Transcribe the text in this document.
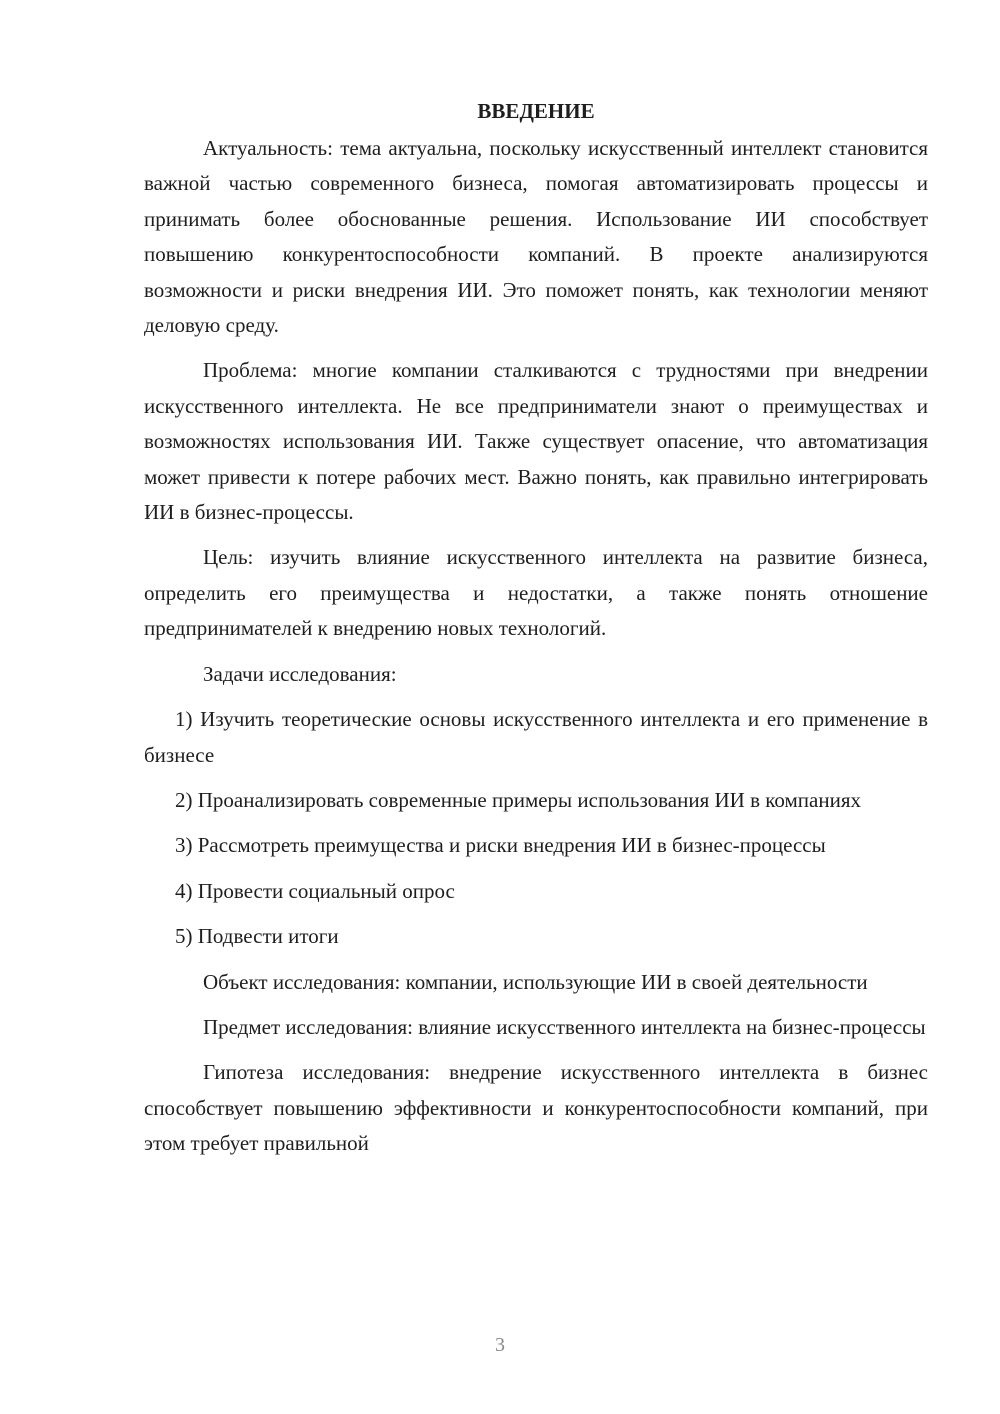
ВВЕДЕНИЕ

Актуальность: тема актуальна, поскольку искусственный интеллект становится важной частью современного бизнеса, помогая автоматизировать процессы и принимать более обоснованные решения. Использование ИИ способствует повышению конкурентоспособности компаний. В проекте анализируются возможности и риски внедрения ИИ. Это поможет понять, как технологии меняют деловую среду.

Проблема: многие компании сталкиваются с трудностями при внедрении искусственного интеллекта. Не все предприниматели знают о преимуществах и возможностях использования ИИ. Также существует опасение, что автоматизация может привести к потере рабочих мест. Важно понять, как правильно интегрировать ИИ в бизнес-процессы.

Цель: изучить влияние искусственного интеллекта на развитие бизнеса, определить его преимущества и недостатки, а также понять отношение предпринимателей к внедрению новых технологий.

Задачи исследования:

1) Изучить теоретические основы искусственного интеллекта и его применение в бизнесе

2) Проанализировать современные примеры использования ИИ в компаниях

3) Рассмотреть преимущества и риски внедрения ИИ в бизнес-процессы

4) Провести социальный опрос

5) Подвести итоги

Объект исследования: компании, использующие ИИ в своей деятельности

Предмет исследования: влияние искусственного интеллекта на бизнес-процессы

Гипотеза исследования: внедрение искусственного интеллекта в бизнес способствует повышению эффективности и конкурентоспособности компаний, при этом требует правильной

3
